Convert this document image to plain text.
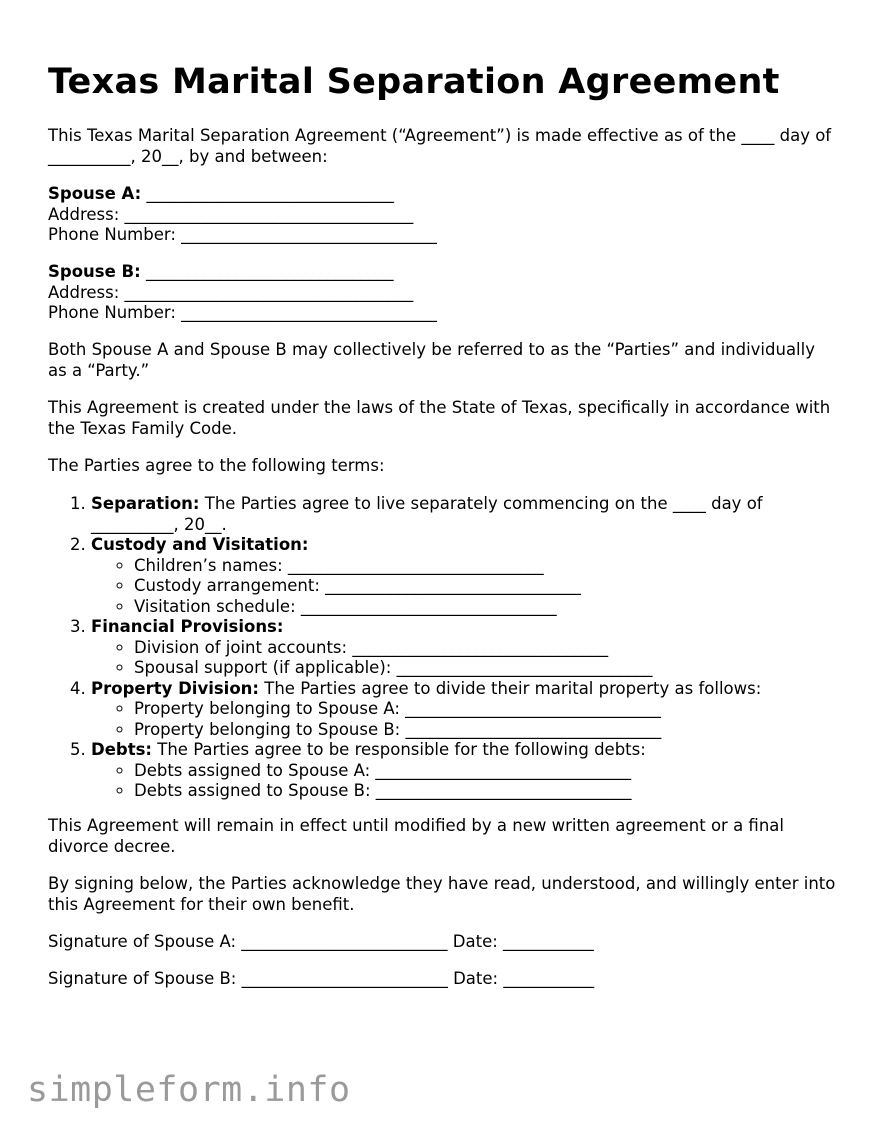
Texas Marital Separation Agreement

This Texas Marital Separation Agreement (“Agreement”) is made effective as of the ____ day of __________, 20__, by and between:

Spouse A: ______________________________

Address: ___________________________________

Phone Number: _______________________________

Spouse B: ______________________________

Address: ___________________________________

Phone Number: _______________________________

Both Spouse A and Spouse B may collectively be referred to as the “Parties” and individually as a “Party.”

This Agreement is created under the laws of the State of Texas, specifically in accordance with the Texas Family Code.

The Parties agree to the following terms:

1. Separation: The Parties agree to live separately commencing on the ____ day of __________, 20__.
2. Custody and Visitation:
◦ Children’s names: _______________________________
◦ Custody arrangement: _______________________________
◦ Visitation schedule: _______________________________
3. Financial Provisions:
◦ Division of joint accounts: _______________________________
◦ Spousal support (if applicable): _______________________________
4. Property Division: The Parties agree to divide their marital property as follows:
◦ Property belonging to Spouse A: _______________________________
◦ Property belonging to Spouse B: _______________________________
5. Debts: The Parties agree to be responsible for the following debts:
◦ Debts assigned to Spouse A: _______________________________
◦ Debts assigned to Spouse B: _______________________________

This Agreement will remain in effect until modified by a new written agreement or a final divorce decree.

By signing below, the Parties acknowledge they have read, understood, and willingly enter into this Agreement for their own benefit.

Signature of Spouse A: _________________________ Date: ___________

Signature of Spouse B: _________________________ Date: ___________

simpleform.info
